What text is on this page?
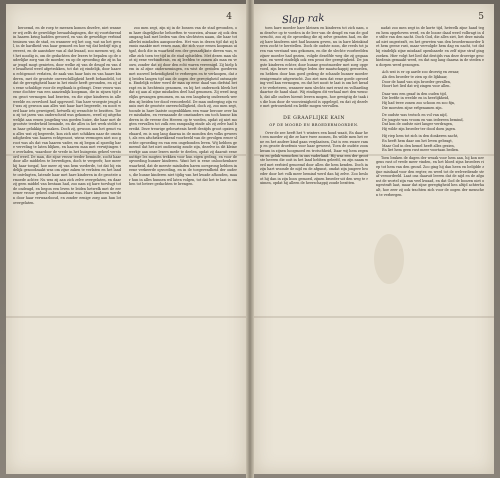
4

beroemd, en de roep te meenen komen dezelve, niet wanneer wij zelfs de geweldige beraadslagingen, die zij voortdurend in haaren kring hadden gevoerd, en van de geweldige verbindtenissen van de stad, en wanneer wij het oog, wat nu het geval, in de hardheid van haar gemoed en hoe wij dat bedrijf zijn geweest, en de aanstoker van al dat kwaad, zoo meenen wij, dat het noodig is, om de gedachten der lezers te bepalen op de ouderlijke zorg van de moeder, en op de opvoeding die zij in haar jeugd mogt genieten, door welke zij van de deugd en van de braafheid werd afgetrokken, tot dat zij eindelijk, door haaren echtgenoot verlaten, de zaak van haar huis en van haare kinderen, met de grootste onverschilligheid heeft behandeld, tot dat de geregtigheid haar in het einde heeft gevonden, en zij als eene schuldige voor de regtbank is gebragt. Deze vrouw was eene dochter van een aanzienlijk koopman, die in zijnen tijd een groot vermogen had bezeten, en die zijne kinderen in alle weelde en overvloed had opgevoed. Van hare vroegste jeugd af was zij gewoon aan alles wat haar hart begeerde, en nooit werd haar iets geweigerd, hetwelk zij wenschte te bezitten. Toen zij tot jaren van onderscheid was gekomen, werd zij uitgehuwelijkt aan eenen jongeling van goeden huize, die haar met de grootste teederheid beminde, en die alles in het werk stelde om haar gelukkig te maken. Doch zij, gewoon aan het genot van alles wat zij begeerde, kon zich niet schikken naar de omstandigheden van haaren echtgenoot, wiens vermogen niet zoo groot was als dat van haaren vader, en zij begon al spoedig hare verveling te laten blijken, en haaren man met verwijtingen te overladen, waardoor de vrede in het huisgezin geheel verstoord werd. De man, die zijne vrouw teeder beminde, zocht haar door alle middelen te bevredigen, doch te vergeefs; hoe meer hij haar toegaf, hoe meer zij van hem vorderde, tot dat hij eindelijk genoodzaakt was om zijne zaken te verlaten en het land te ontvlugten, latende haar met hare kinderen in de grootste armoede achter. Nu was zij aan zich zelve overgelaten, en daar zij geen middel van bestaan had, zoo nam zij hare toevlugt tot de ondeugd, en begon een leven te leiden hetwelk met de eer eener vrouw geheel onbestaanbaar was. Hare kinderen werden door haar verwaarloosd, en zonder eenige zorg aan hun lot overgelaten.

zoo men zegt, zijn zij in de bossen van de stad gevonden, om hare dagelijksche behoeften te voorzien, alwaar zij ook den omgang had met lieden van den slechtsten naam, die haar tot allerlei misdaden aanspoorden. Het was in dezen tijd dat zij kennis maakte met eenen man, die zich voor eenen koopman uitgaf, doch die in waarheid een der gevaarlijkste dieven was, welke zich toen ter tijd in de stad ophielden. Met dezen man sloot zij eene verbindtenis, en zij leefden te zamen als man en vrouw, zonder dat zij door den echt waren vereenigd. Zij hielp hem in al zijne ondernemingen, en wist de gestolen goederen met zooveel behendigheid te verbergen en te verkoopen, dat zij beiden langen tijd aan de oogen der geregtigheid ontsnapten. Eindelijk echter werd de man op eene daad van diefstal betrapt en in hechtenis genomen, en bij het onderzoek bleek het dat zij aan al zijne misdaden deel had genomen. Zij werd insgelijks gevangen genomen, en na een langdurig onderzoek werden zij beiden ter dood veroordeeld. De man onderging zijn vonnis met de grootste onverschilligheid, doch zij, zoo men zegt, toonde in hare laatste oogenblikken een waar berouw over hare misdaden, en vermaande de omstanders om toch hunne kinderen in de vreeze des Heeren op te voeden, opdat zij niet mogten vervallen tot zulk een rampzalig einde als zij zelve had bereikt. Deze treurige gebeurtenis heeft destijds groot opzien gebaard, en is nog lang daarna in de monden des volks geweest, als een afschrikwekkend voorbeeld van de gevolgen eener slechte opvoeding en van een ongebonden leven. Wij hebben gemeend dat het niet ondienstig zoude zijn, dezelve in dit kleine werkje aan onze lezers mede te deelen, opdat zij daaruit eene nuttige les mogten trekken voor hun eigen gedrag, en voor de opvoeding hunner kinderen. Want het is eene onloochenbare waarheid, dat de meeste misdaden haren oorsprong hebben in eene verkeerde opvoeding, en in de toegevendheid der ouders, die hunne kinderen niet tijdig van het kwade afhouden, maar hun in alles hunnen wil laten volgen, tot dat het te laat is om hen tot betere gedachten te brengen.

Slap rak	5

toen hare moeder hare kleinen en kinderen tot zich nam, om dezelve op te voeden in de leer van de deugd en van de godsvrucht, zoo zij de opvoeding die zij zelve genoten had, en die zij hare kinderen niet had kunnen geven, nu in hare kleinkinderen zocht te herstellen. Doch de oudste zoon, die reeds tot jaren van verstand was gekomen, en die de slechte voorbeelden zijner moeder had gezien, volgde dezelfde weg die zij gegaan was, en werd eindelijk ook een prooi der geregtigheid. De jongste kinderen echter, door hunne grootmoeder met zorg opgevoed, zijn brave en nuttige leden der maatschappij geworden, en hebben door hun goed gedrag de schande hunner moeder eenigermate uitgewischt. Zoo ziet men dat eene goede opvoeding veel kan vermogen, en dat het nooit te laat is om het kwade te verbeteren, wanneer men slechts met ernst en volharding daartoe de hand slaat. Wij eindigen dit verhaal met den wensch, dat alle ouders hieruit leeren mogen, hoe gewigtig de taak is die hun door de voorzienigheid is opgelegd, en dat zij dezelve met getrouwheid en liefde mogen vervullen.

DE GRAAFLIJKE KAIN
OF DE MOORD EN BROEDERMOORDEN.

Over de zee heeft het 't winters een koud waait, En daar het een moeder zij die ze hare twee zoonen, En wilde men het eene en het andere kind gaan verplaatsen, Dat is een zware ramp en groote droefenis voor haar geweest, Toen de oudste zoon kwam in zijnen hoogmoed en trotschheid, Daar wij hem zegenen en geluk wenschen in ons vaderland. Hij was een der grootste heeren die ooit in het land hebben geleefd, en zijn naam werd met eerbied genoemd door allen die hem kenden. Doch in zijn hart woonde de nijd en de afgunst, omdat zijn jongere broeder door het volk meer bemind werd dan hij zelve. Zoo besloot hij dan in zijn boos gemoed, zijnen broeder uit den weg te ruimen, opdat hij alleen de heerschappij zoude bezitten.

nadat zoo men zegt in de korte tijd, hetwelk zijne hand tegen hem opgeheven werd, en de booze daad werd volbragt in de stilte van den nacht. Doch God, die alles ziet, liet deze misdaad niet ongestraft, en het geweten van den broedermoorder liet hem geene rust, maar vervolgde hem dag en nacht, tot dat hij eindelijk zijne misdaad openbaarde en zelf zijne straf ging zoeken. Hier volgt het lied dat destijds van deze droevige geschiedenis gemaakt werd, en dat nog lang daarna in de steden en dorpen werd gezongen.

Ach wat is er op aarde zoo droevig en zwaar,

Als den broeder te zien op de lijkbaar,

Door de hand van zijn broeder gevallen,

Hoort het lied dat wij zingen voor allen.

Daar was een graaf in den ouden tijd,

Die leefde in weelde en in heerlijkheid,

Hij had twee zonen zoo schoon en zoo fijn,

Die moesten zijne erfgenamen zijn.

De oudste was trotsch en vol van nijd,

De jongste was vroom en van iedereen bemind,

Dat kon de oudste niet langer verdragen,

Hij wilde zijn broeder ter dood doen jagen.

Hij riep hem tot zich in den donkeren nacht,

En heeft hem daar om het leven gebragt,

Maar God in den hemel heeft alles gezien,

En liet hem geen rust meer voortaan bedien.

Toen braken de dagen der wraak voor hem aan, hij kon nergens rust of vrede meer vinden, en het bloed zijns broeders riep tot hem van den grond. Zoo ging hij dan heen en belijdde zijne misdaad voor den regter, en werd tot de welverdiende straf veroordeeld. Laat ons daaruit leeren dat de nijd en de afgunst de wortel zijn van veel kwaad, en dat God de boozen niet ongestraft laat, maar dat zijne geregtigheid hen altijd achterhaalt, hoe zeer zij ook trachten zich voor de oogen der menschen te verbergen.
